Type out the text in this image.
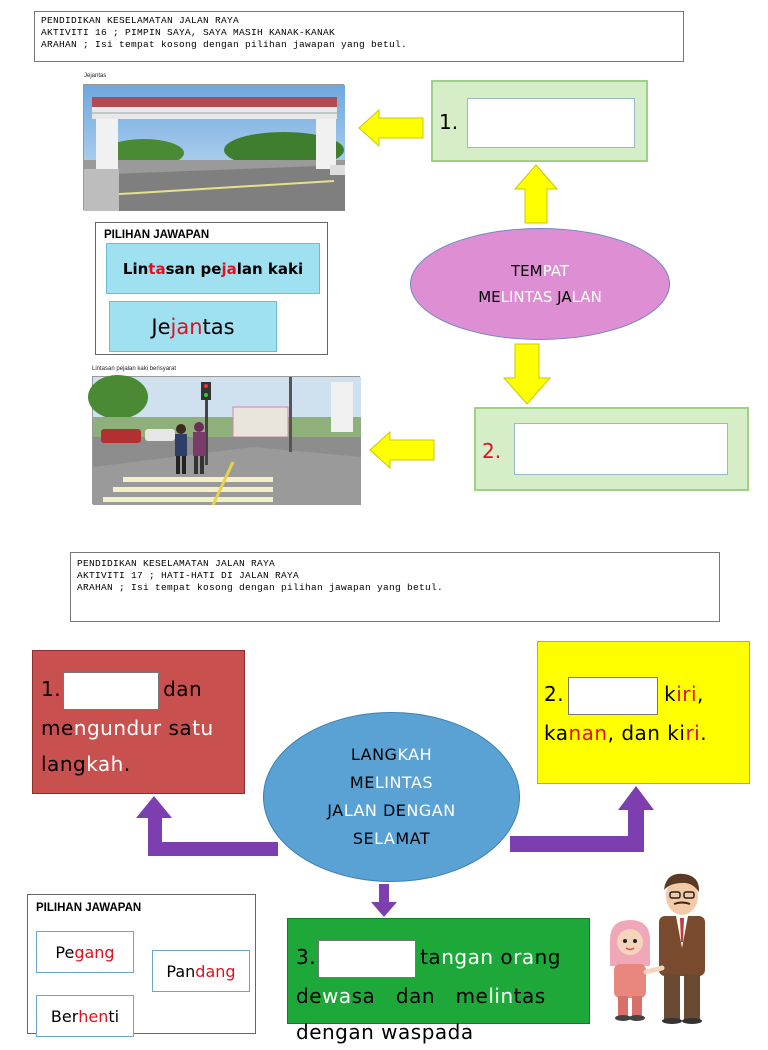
PENDIDIKAN KESELAMATAN JALAN RAYA
AKTIVITI 16 ; PIMPIN SAYA, SAYA MASIH KANAK-KANAK
ARAHAN ; Isi tempat kosong dengan pilihan jawapan yang betul.
Jejantas
1.
TEMPAT
MELINTAS JALAN
PILIHAN JAWAPAN
Lin ta san pe ja lan kaki
Je jan tas
Lintasan pejalan kaki berisyarat
2.
PENDIDIKAN KESELAMATAN JALAN RAYA
AKTIVITI 17 ; HATI-HATI DI JALAN RAYA
ARAHAN ; Isi tempat kosong dengan pilihan jawapan yang betul.
1.	dan
mengundur satu
langkah.
2.	kiri,
kanan, dan kiri.
LANGKAH
MELINTAS
JALAN DENGAN
SELAMAT
PILIHAN JAWAPAN
Pe gang
Pan dang
Ber hen ti
3.	tangan orang
dewasa   dan   melintas
dengan waspada
